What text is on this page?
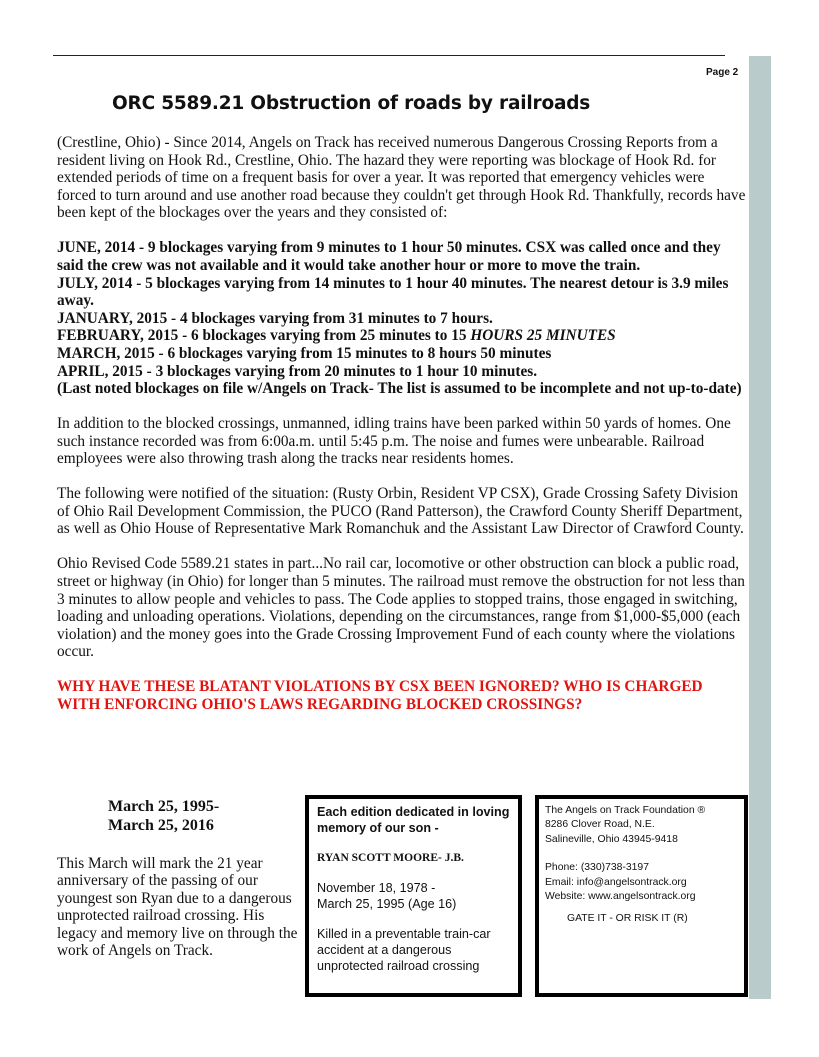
Page 2
ORC 5589.21 Obstruction of roads by railroads

(Crestline, Ohio) - Since 2014, Angels on Track has received numerous Dangerous Crossing Reports from a resident living on Hook Rd., Crestline, Ohio. The hazard they were reporting was blockage of Hook Rd. for extended periods of time on a frequent basis for over a year. It was reported that emergency vehicles were forced to turn around and use another road because they couldn't get through Hook Rd. Thankfully, records have been kept of the blockages over the years and they consisted of:

JUNE, 2014 - 9 blockages varying from 9 minutes to 1 hour 50 minutes. CSX was called once and they said the crew was not available and it would take another hour or more to move the train.
JULY, 2014 - 5 blockages varying from 14 minutes to 1 hour 40 minutes. The nearest detour is 3.9 miles away.
JANUARY, 2015 - 4 blockages varying from 31 minutes to 7 hours.
FEBRUARY, 2015 - 6 blockages varying from 25 minutes to 15 HOURS 25 MINUTES
MARCH, 2015 - 6 blockages varying from 15 minutes to 8 hours 50 minutes
APRIL, 2015 - 3 blockages varying from 20 minutes to 1 hour 10 minutes.
(Last noted blockages on file w/Angels on Track- The list is assumed to be incomplete and not up-to-date)

In addition to the blocked crossings, unmanned, idling trains have been parked within 50 yards of homes. One such instance recorded was from 6:00a.m. until 5:45 p.m. The noise and fumes were unbearable. Railroad employees were also throwing trash along the tracks near residents homes.

The following were notified of the situation: (Rusty Orbin, Resident VP CSX), Grade Crossing Safety Division of Ohio Rail Development Commission, the PUCO (Rand Patterson), the Crawford County Sheriff Department, as well as Ohio House of Representative Mark Romanchuk and the Assistant Law Director of Crawford County.

Ohio Revised Code 5589.21 states in part...No rail car, locomotive or other obstruction can block a public road, street or highway (in Ohio) for longer than 5 minutes. The railroad must remove the obstruction for not less than 3 minutes to allow people and vehicles to pass. The Code applies to stopped trains, those engaged in switching, loading and unloading operations. Violations, depending on the circumstances, range from $1,000-$5,000 (each violation) and the money goes into the Grade Crossing Improvement Fund of each county where the violations occur.

WHY HAVE THESE BLATANT VIOLATIONS BY CSX BEEN IGNORED? WHO IS CHARGED WITH ENFORCING OHIO'S LAWS REGARDING BLOCKED CROSSINGS?

March 25, 1995-
March 25, 2016
This March will mark the 21 year anniversary of the passing of our youngest son Ryan due to a dangerous unprotected railroad crossing. His legacy and memory live on through the work of Angels on Track.
Each edition dedicated in loving memory of our son -
RYAN SCOTT MOORE- J.B.
November 18, 1978 -
March 25, 1995 (Age 16)
Killed in a preventable train-car accident at a dangerous unprotected railroad crossing
The Angels on Track Foundation ®
8286 Clover Road, N.E.
Salineville, Ohio 43945-9418
Phone: (330)738-3197
Email: info@angelsontrack.org
Website: www.angelsontrack.org
GATE IT - OR RISK IT (R)
